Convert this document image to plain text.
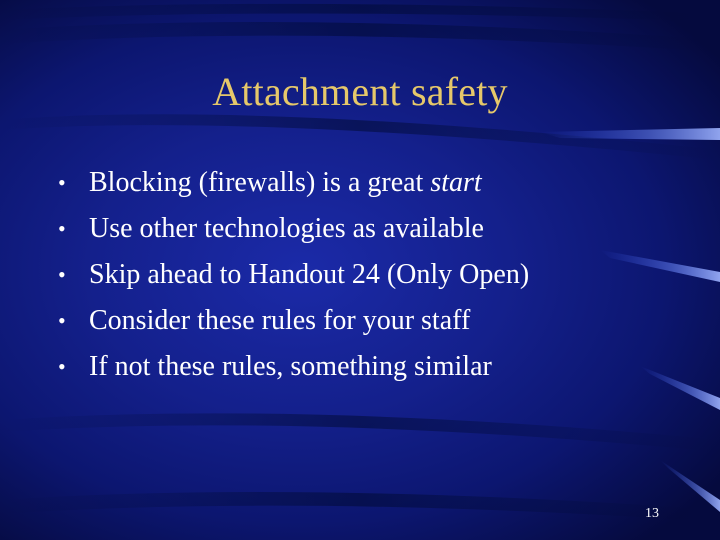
Attachment safety
• Blocking (firewalls) is a great start
• Use other technologies as available
• Skip ahead to Handout 24 (Only Open)
• Consider these rules for your staff
• If not these rules, something similar
13
